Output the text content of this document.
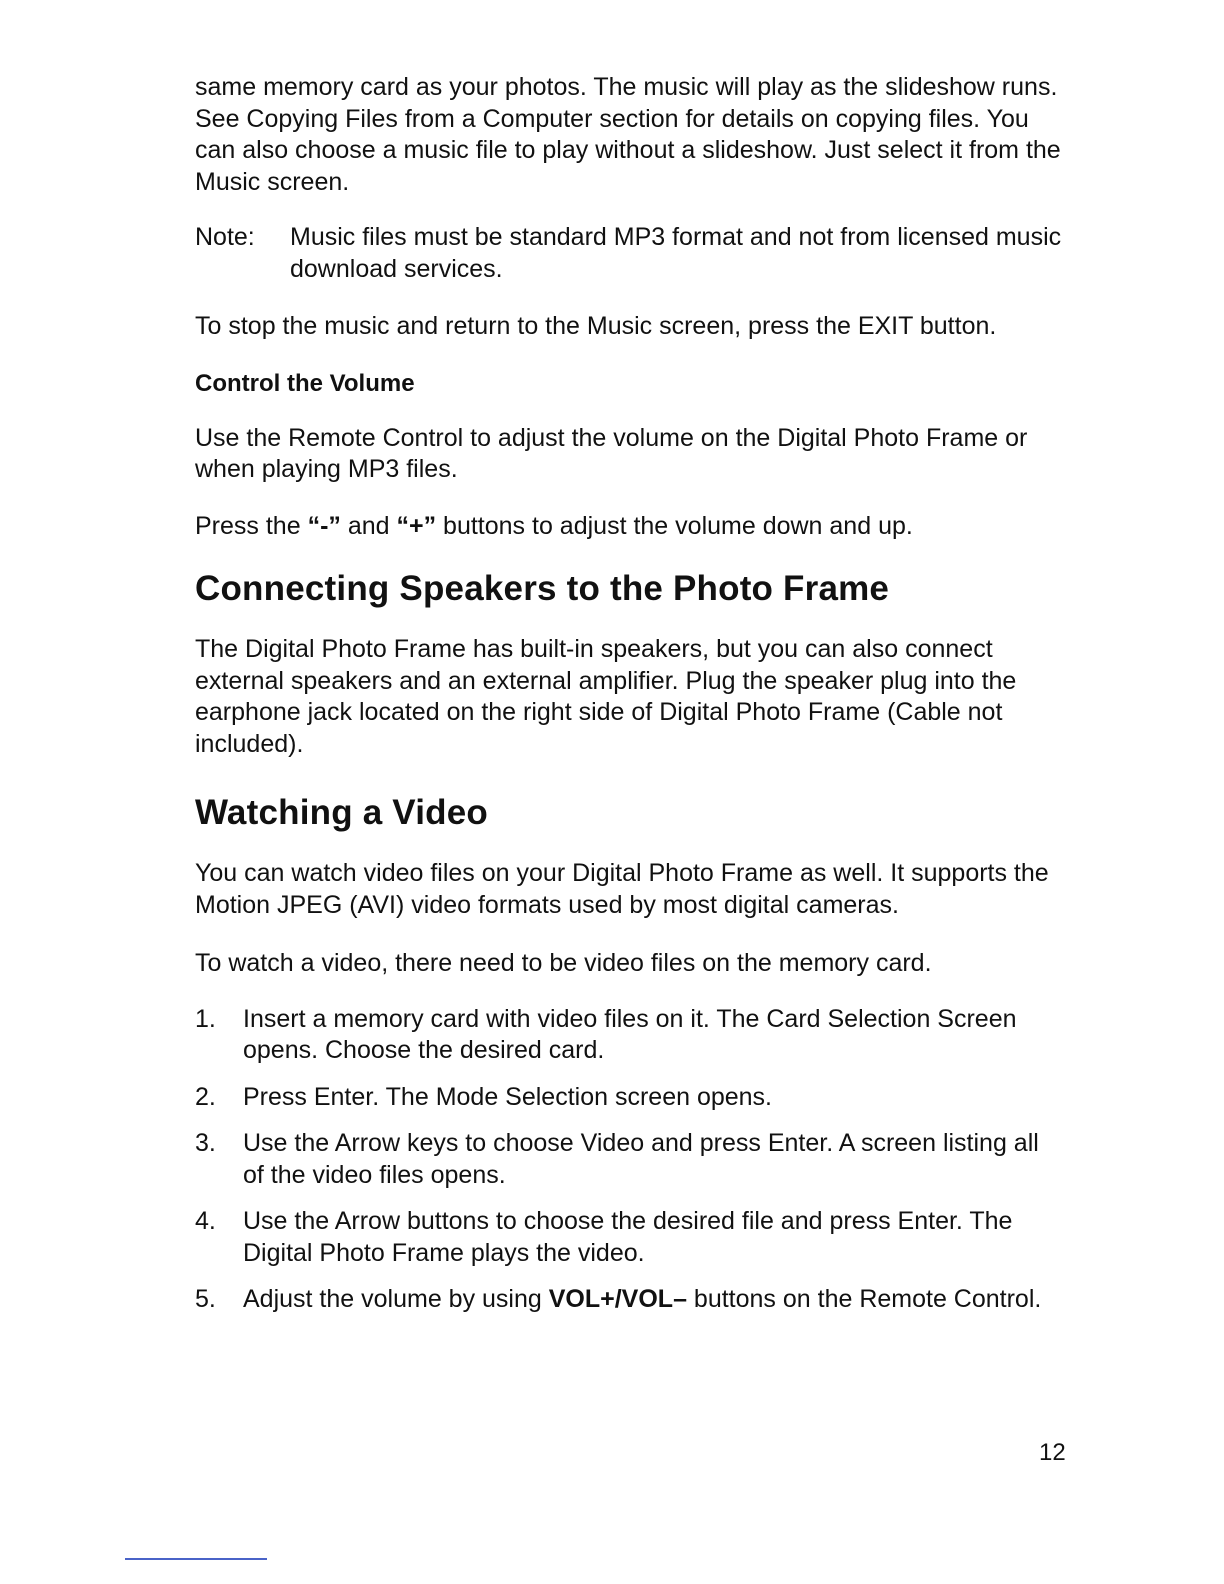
same memory card as your photos. The music will play as the slideshow runs. See Copying Files from a Computer section for details on copying files. You can also choose a music file to play without a slideshow. Just select it from the Music screen.

Note:	Music files must be standard MP3 format and not from licensed music download services.

To stop the music and return to the Music screen, press the EXIT button.

Control the Volume

Use the Remote Control to adjust the volume on the Digital Photo Frame or when playing MP3 files.

Press the “-” and “+” buttons to adjust the volume down and up.

Connecting Speakers to the Photo Frame

The Digital Photo Frame has built-in speakers, but you can also connect external speakers and an external amplifier. Plug the speaker plug into the earphone jack located on the right side of Digital Photo Frame (Cable not included).

Watching a Video

You can watch video files on your Digital Photo Frame as well. It supports the Motion JPEG (AVI) video formats used by most digital cameras.

To watch a video, there need to be video files on the memory card.

1.	Insert a memory card with video files on it. The Card Selection Screen opens. Choose the desired card.
2.	Press Enter. The Mode Selection screen opens.
3.	Use the Arrow keys to choose Video and press Enter. A screen listing all of the video files opens.
4.	Use the Arrow buttons to choose the desired file and press Enter. The Digital Photo Frame plays the video.
5.	Adjust the volume by using VOL+/VOL– buttons on the Remote Control.
12
